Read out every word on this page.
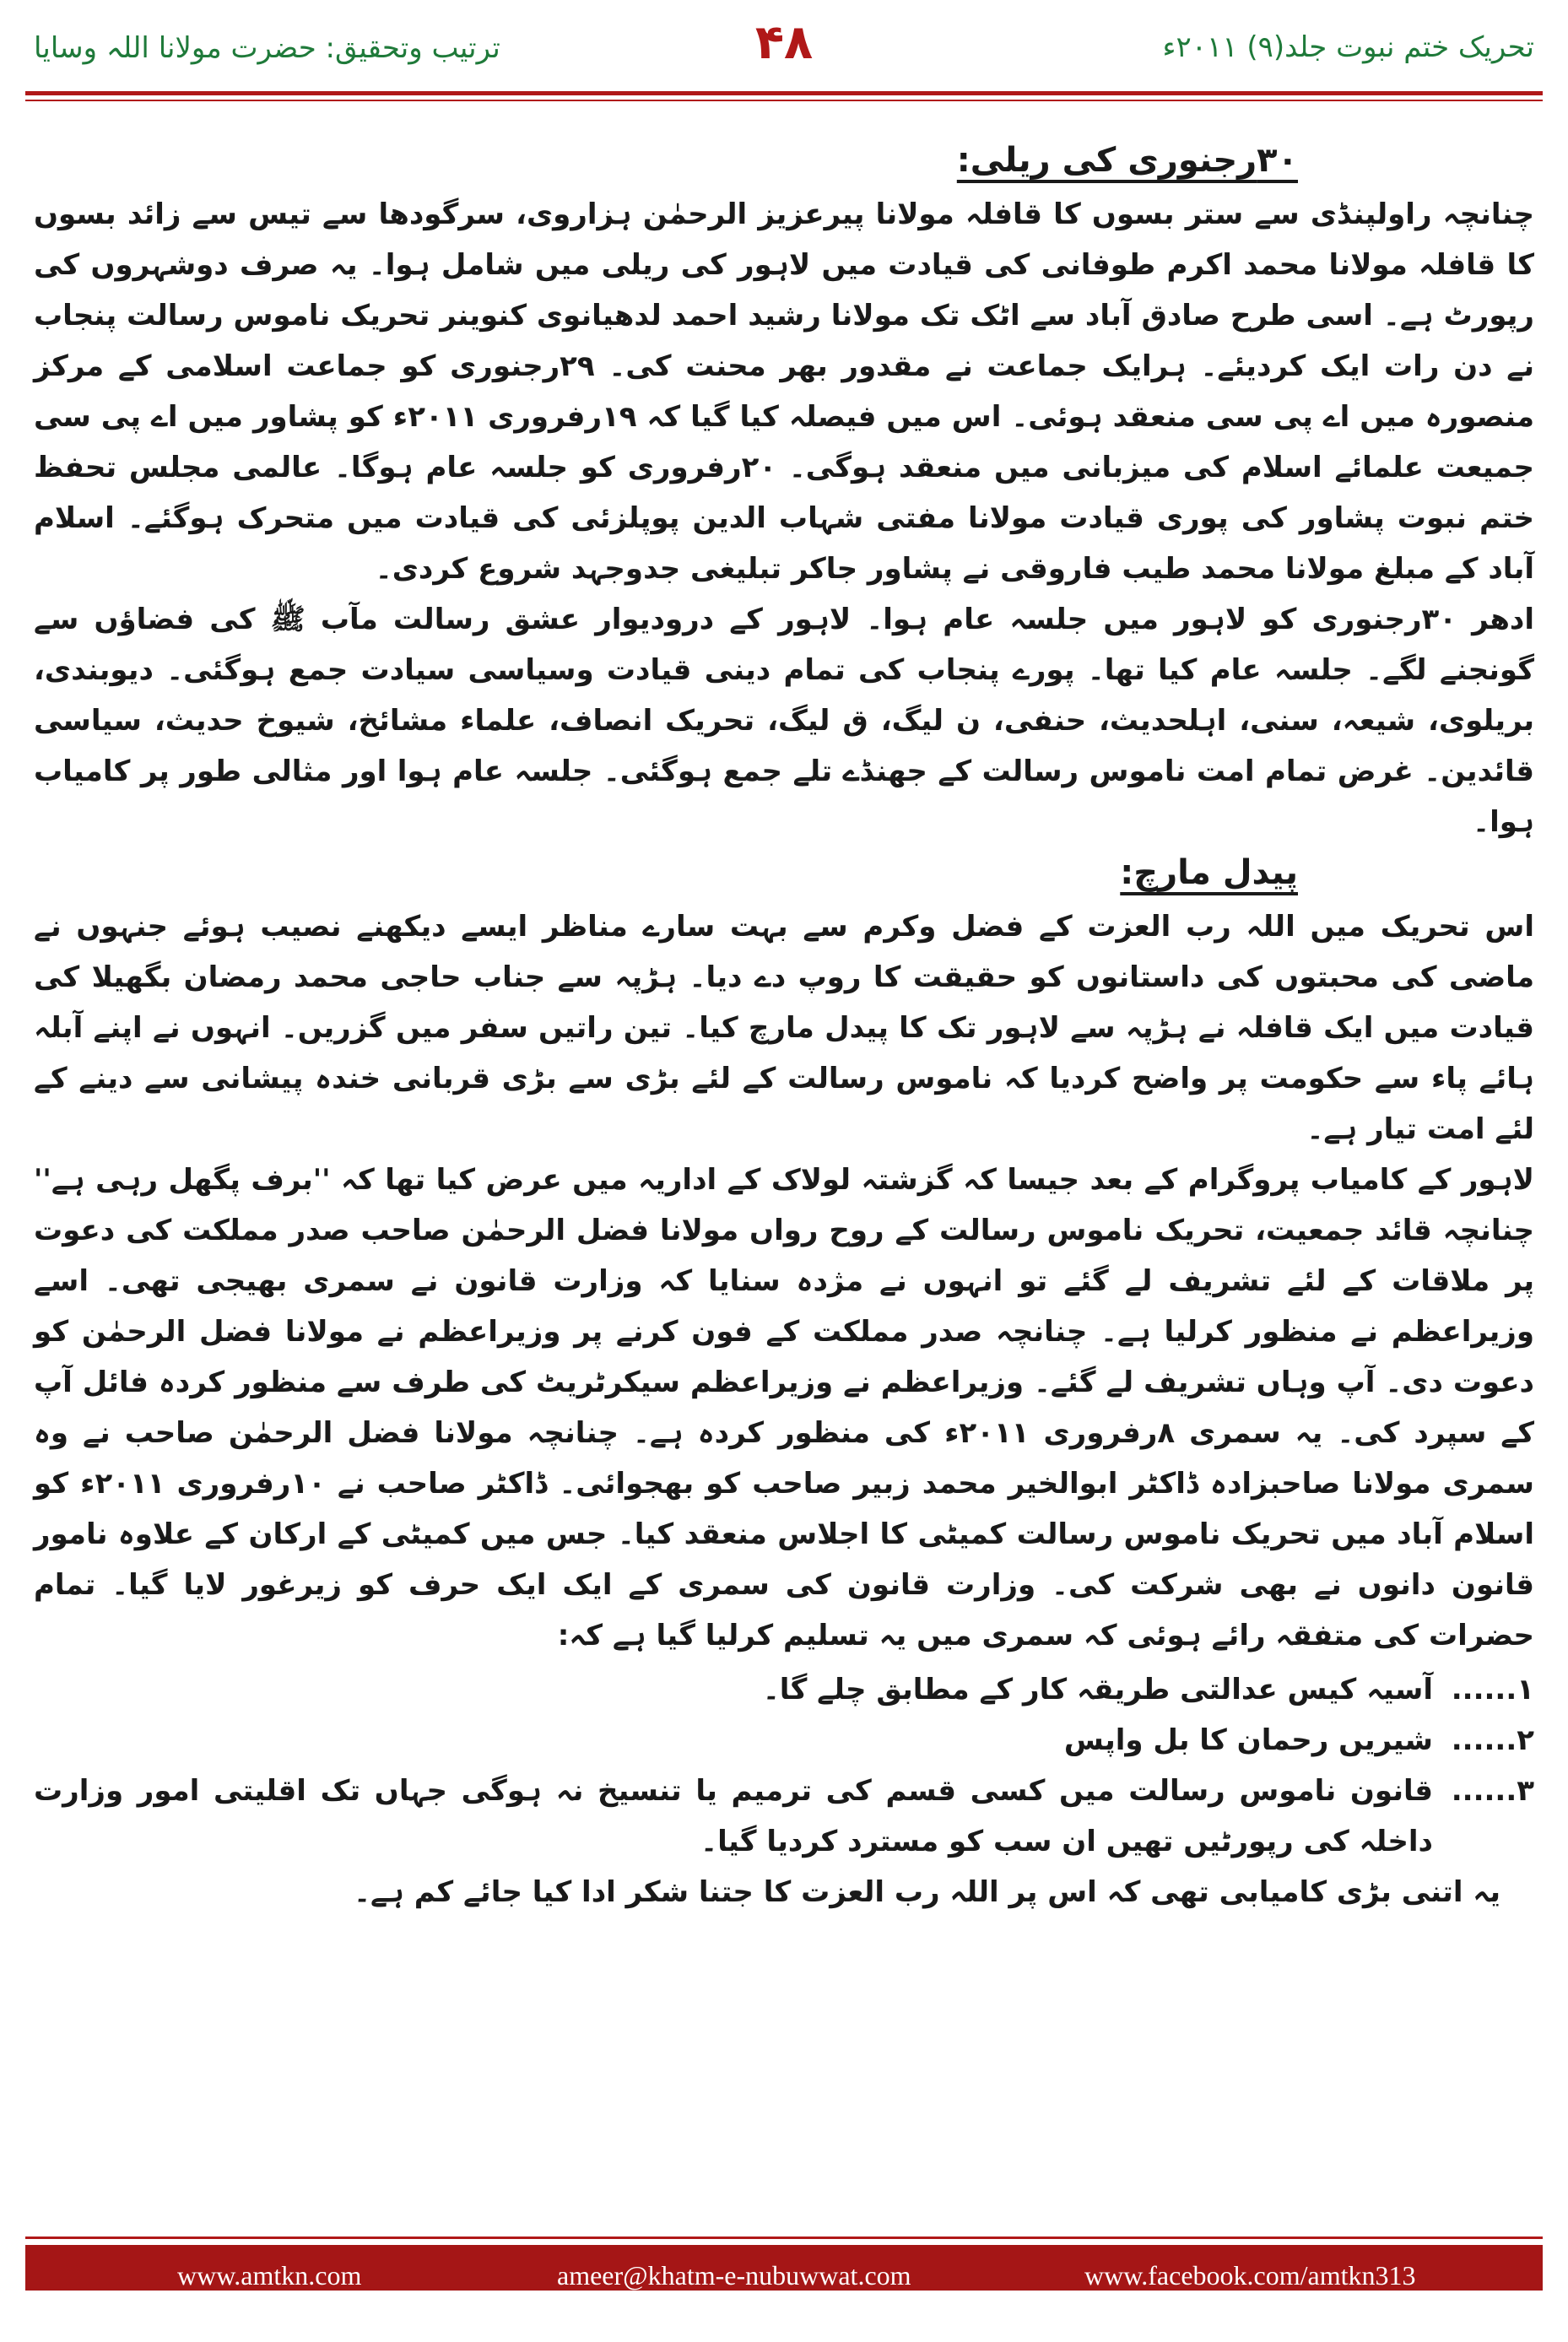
تحریک ختم نبوت جلد(۹) ۲۰۱۱ء
۴۸
ترتیب وتحقیق: حضرت مولانا اللہ وسایا
۳۰رجنوری کی ریلی:

چنانچہ راولپنڈی سے ستر بسوں کا قافلہ مولانا پیرعزیز الرحمٰن ہزاروی، سرگودھا سے تیس سے زائد بسوں کا قافلہ مولانا محمد اکرم طوفانی کی قیادت میں لاہور کی ریلی میں شامل ہوا۔ یہ صرف دوشہروں کی رپورٹ ہے۔ اسی طرح صادق آباد سے اٹک تک مولانا رشید احمد لدھیانوی کنوینر تحریک ناموس رسالت پنجاب نے دن رات ایک کردیئے۔ ہرایک جماعت نے مقدور بھر محنت کی۔ ۲۹رجنوری کو جماعت اسلامی کے مرکز منصورہ میں اے پی سی منعقد ہوئی۔ اس میں فیصلہ کیا گیا کہ ۱۹رفروری ۲۰۱۱ء کو پشاور میں اے پی سی جمیعت علمائے اسلام کی میزبانی میں منعقد ہوگی۔ ۲۰رفروری کو جلسہ عام ہوگا۔ عالمی مجلس تحفظ ختم نبوت پشاور کی پوری قیادت مولانا مفتی شہاب الدین پوپلزئی کی قیادت میں متحرک ہوگئے۔ اسلام آباد کے مبلغ مولانا محمد طیب فاروقی نے پشاور جاکر تبلیغی جدوجہد شروع کردی۔

ادھر ۳۰رجنوری کو لاہور میں جلسہ عام ہوا۔ لاہور کے درودیوار عشق رسالت مآب ﷺ کی فضاؤں سے گونجنے لگے۔ جلسہ عام کیا تھا۔ پورے پنجاب کی تمام دینی قیادت وسیاسی سیادت جمع ہوگئی۔ دیوبندی، بریلوی، شیعہ، سنی، اہلحدیث، حنفی، ن لیگ، ق لیگ، تحریک انصاف، علماء مشائخ، شیوخ حدیث، سیاسی قائدین۔ غرض تمام امت ناموس رسالت کے جھنڈے تلے جمع ہوگئی۔ جلسہ عام ہوا اور مثالی طور پر کامیاب ہوا۔

پیدل مارچ:

اس تحریک میں اللہ رب العزت کے فضل وکرم سے بہت سارے مناظر ایسے دیکھنے نصیب ہوئے جنہوں نے ماضی کی محبتوں کی داستانوں کو حقیقت کا روپ دے دیا۔ ہڑپہ سے جناب حاجی محمد رمضان بگھیلا کی قیادت میں ایک قافلہ نے ہڑپہ سے لاہور تک کا پیدل مارچ کیا۔ تین راتیں سفر میں گزریں۔ انہوں نے اپنے آبلہ ہائے پاء سے حکومت پر واضح کردیا کہ ناموس رسالت کے لئے بڑی سے بڑی قربانی خندہ پیشانی سے دینے کے لئے امت تیار ہے۔

لاہور کے کامیاب پروگرام کے بعد جیسا کہ گزشتہ لولاک کے اداریہ میں عرض کیا تھا کہ ''برف پگھل رہی ہے'' چنانچہ قائد جمعیت، تحریک ناموس رسالت کے روح رواں مولانا فضل الرحمٰن صاحب صدر مملکت کی دعوت پر ملاقات کے لئے تشریف لے گئے تو انہوں نے مژدہ سنایا کہ وزارت قانون نے سمری بھیجی تھی۔ اسے وزیراعظم نے منظور کرلیا ہے۔ چنانچہ صدر مملکت کے فون کرنے پر وزیراعظم نے مولانا فضل الرحمٰن کو دعوت دی۔ آپ وہاں تشریف لے گئے۔ وزیراعظم نے وزیراعظم سیکرٹریٹ کی طرف سے منظور کردہ فائل آپ کے سپرد کی۔ یہ سمری ۸رفروری ۲۰۱۱ء کی منظور کردہ ہے۔ چنانچہ مولانا فضل الرحمٰن صاحب نے وہ سمری مولانا صاحبزادہ ڈاکٹر ابوالخیر محمد زبیر صاحب کو بھجوائی۔ ڈاکٹر صاحب نے ۱۰رفروری ۲۰۱۱ء کو اسلام آباد میں تحریک ناموس رسالت کمیٹی کا اجلاس منعقد کیا۔ جس میں کمیٹی کے ارکان کے علاوہ نامور قانون دانوں نے بھی شرکت کی۔ وزارت قانون کی سمری کے ایک ایک حرف کو زیرغور لایا گیا۔ تمام حضرات کی متفقہ رائے ہوئی کہ سمری میں یہ تسلیم کرلیا گیا ہے کہ:

۱......
آسیہ کیس عدالتی طریقہ کار کے مطابق چلے گا۔
۲......
شیریں رحمان کا بل واپس
۳......
قانون ناموس رسالت میں کسی قسم کی ترمیم یا تنسیخ نہ ہوگی جہاں تک اقلیتی امور وزارت داخلہ کی رپورٹیں تھیں ان سب کو مسترد کردیا گیا۔

یہ اتنی بڑی کامیابی تھی کہ اس پر اللہ رب العزت کا جتنا شکر ادا کیا جائے کم ہے۔

www.amtkn.com	ameer@khatm-e-nubuwwat.com	www.facebook.com/amtkn313
